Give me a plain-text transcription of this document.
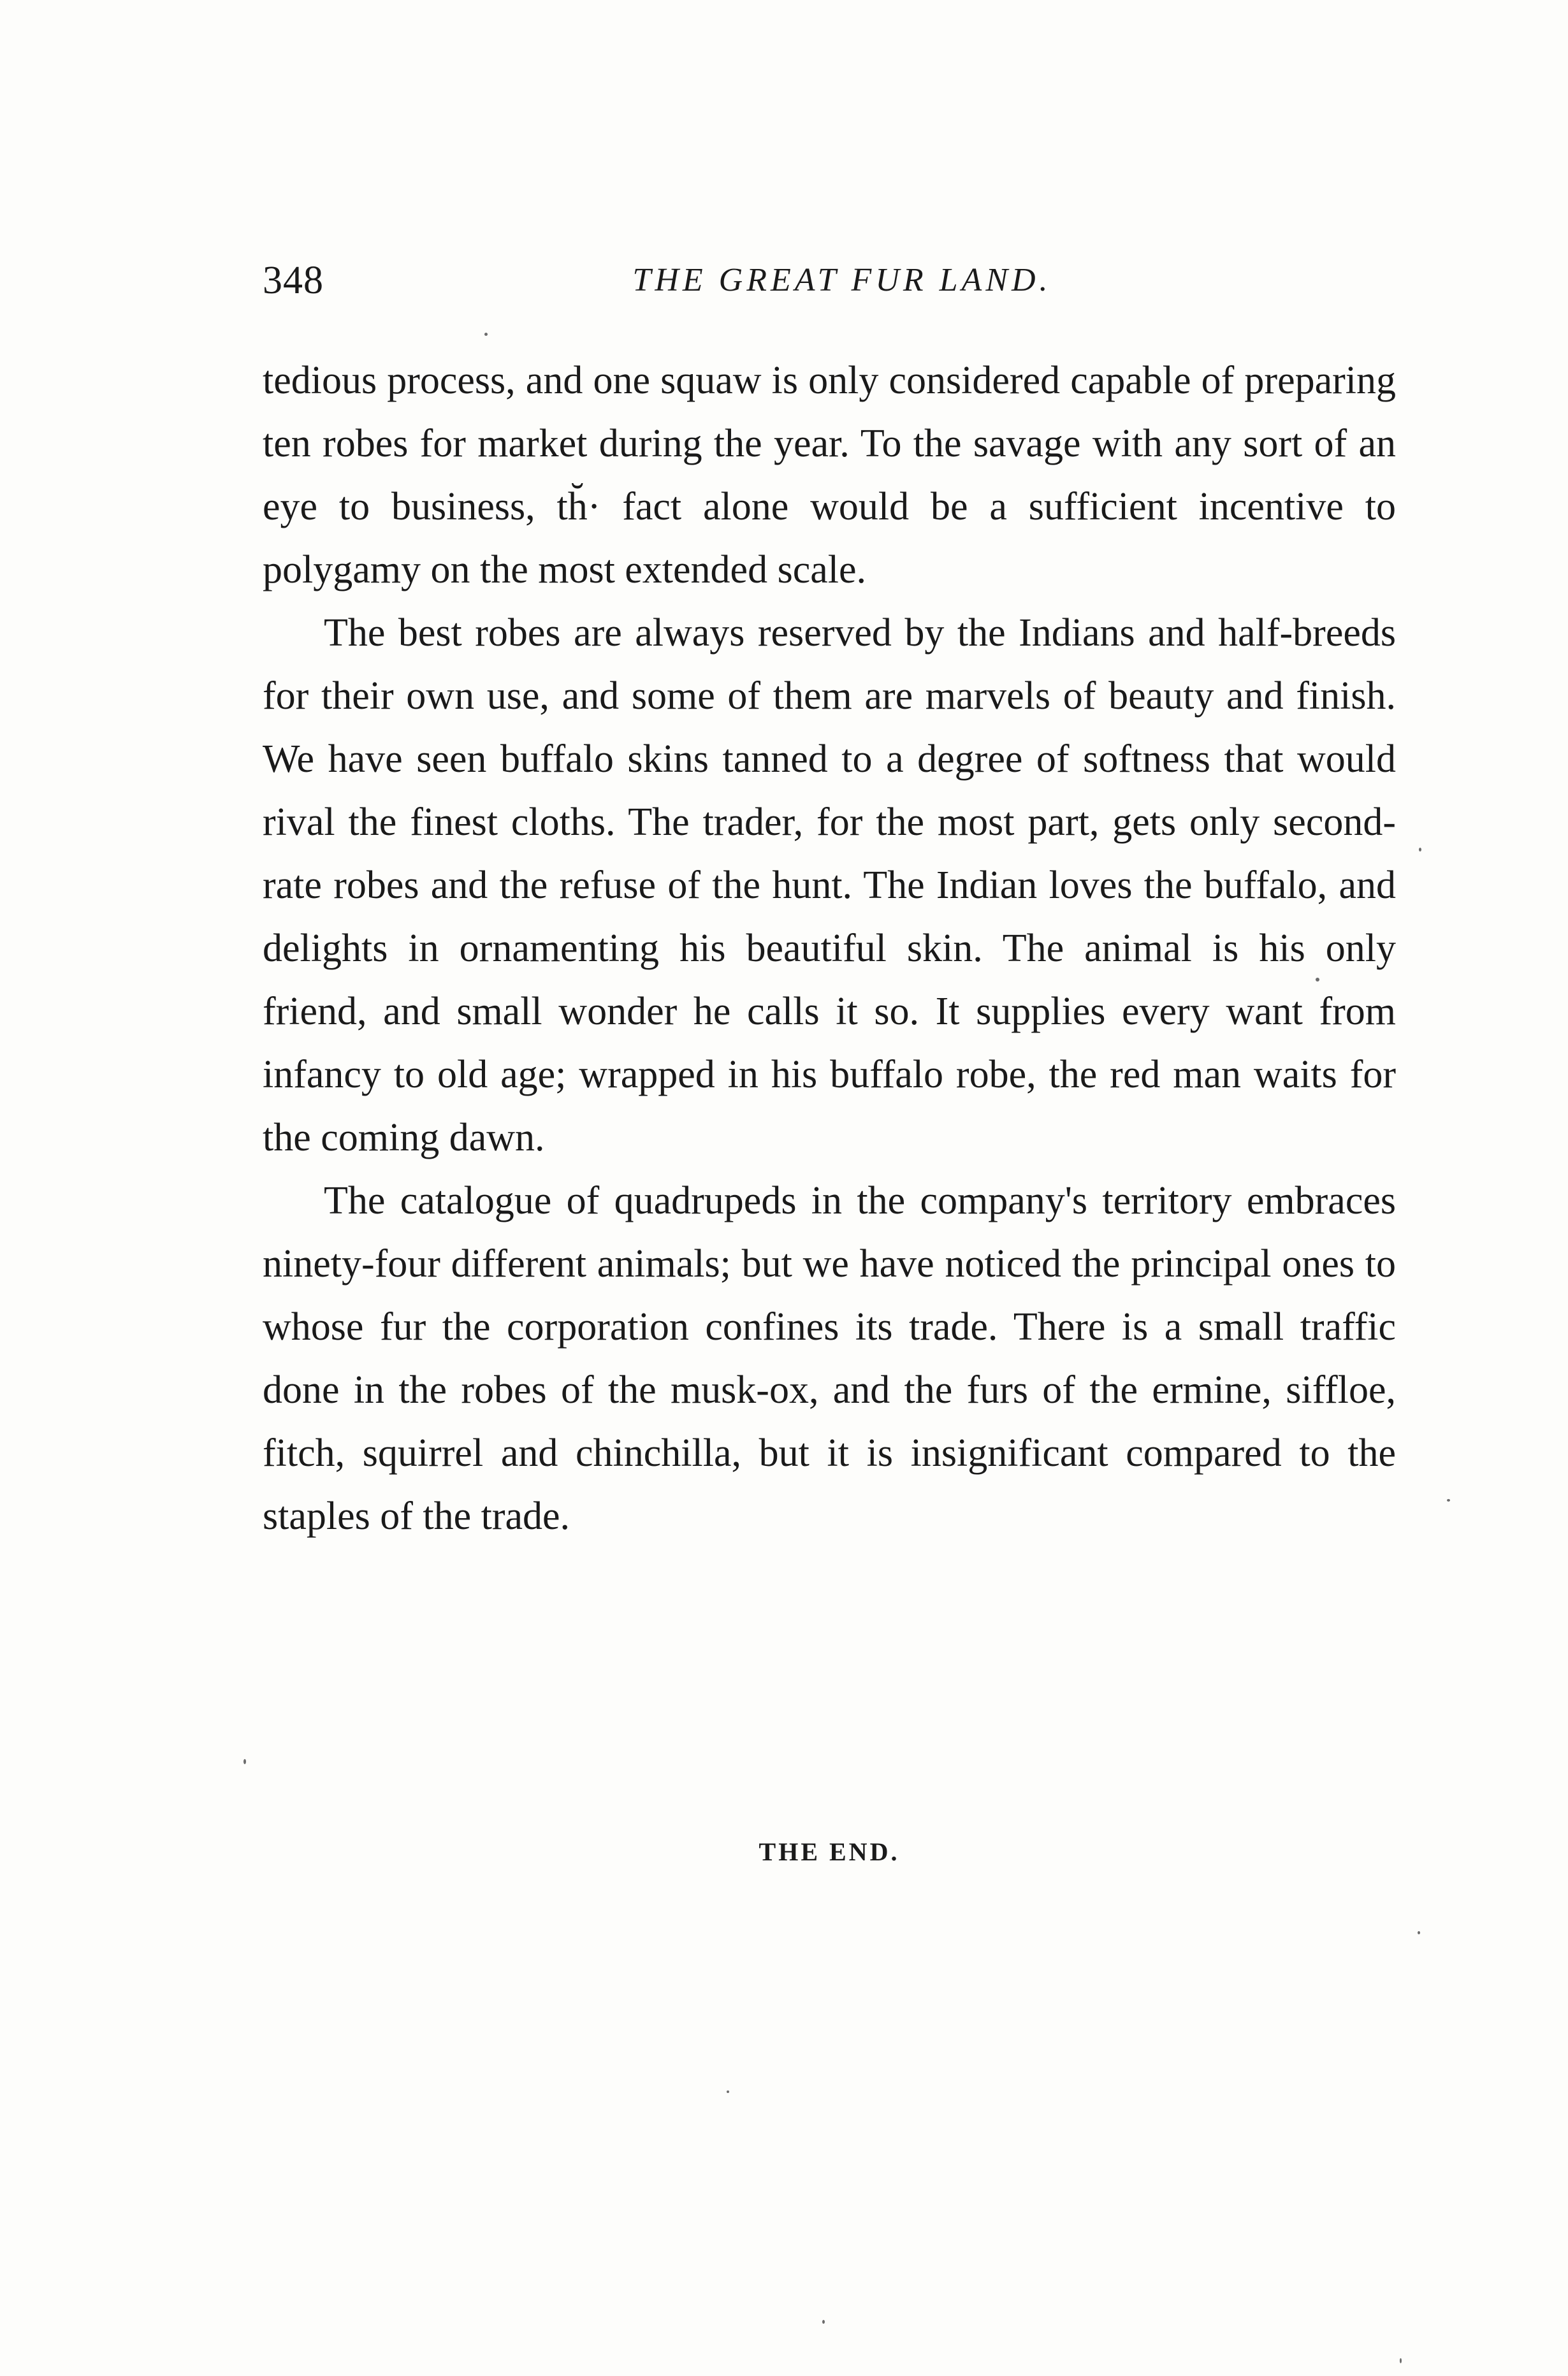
348	THE GREAT FUR LAND.

tedious process, and one squaw is only considered capable of preparing ten robes for market during the year. To the savage with any sort of an eye to business, th̆· fact alone would be a sufficient incentive to polygamy on the most extended scale.

The best robes are always reserved by the Indians and half-breeds for their own use, and some of them are marvels of beauty and finish. We have seen buffalo skins tanned to a degree of softness that would rival the finest cloths. The trader, for the most part, gets only second-rate robes and the refuse of the hunt. The Indian loves the buffalo, and delights in ornamenting his beautiful skin. The animal is his only friend, and small wonder he calls it so. It supplies every want from infancy to old age; wrapped in his buffalo robe, the red man waits for the coming dawn.

The catalogue of quadrupeds in the company's territory embraces ninety-four different animals; but we have noticed the principal ones to whose fur the corporation confines its trade. There is a small traffic done in the robes of the musk-ox, and the furs of the ermine, siffloe, fitch, squirrel and chinchilla, but it is insignificant compared to the staples of the trade.

THE END.
